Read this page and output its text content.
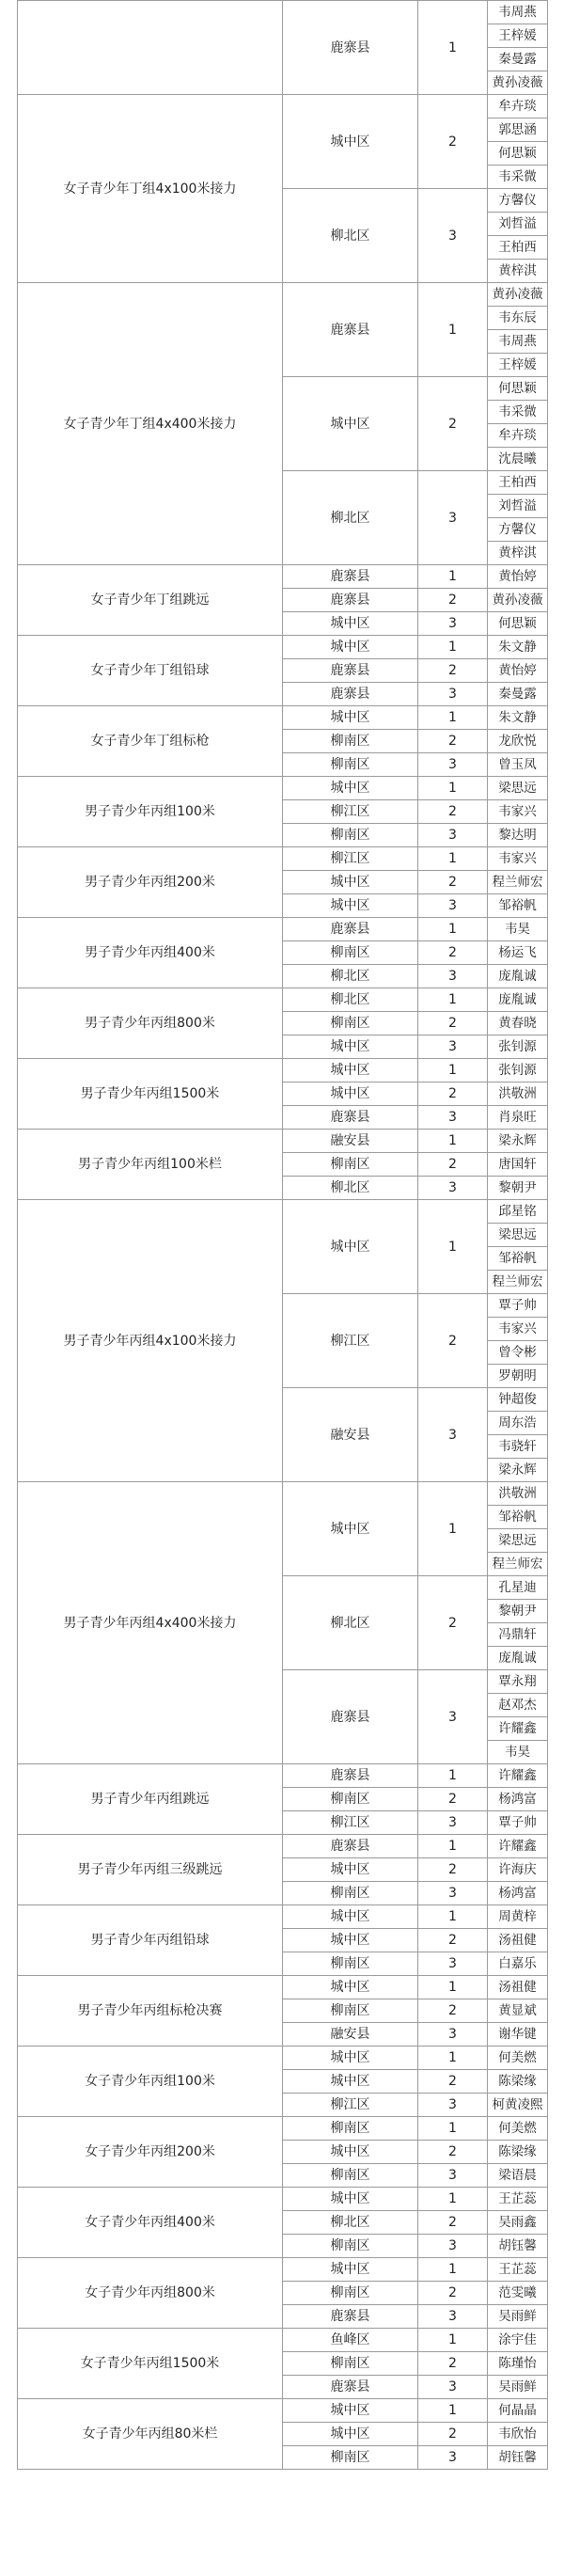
	鹿寨县	1	韦周燕
			王梓媛
			秦曼露
			黄孙凌薇
女子青少年丁组4x100米接力	城中区	2	牟卉琰
			郭思涵
			何思颖
			韦采微
	柳北区	3	方馨仪
			刘哲溢
			王柏西
			黄梓淇
女子青少年丁组4x400米接力	鹿寨县	1	黄孙凌薇
			韦东辰
			韦周燕
			王梓媛
	城中区	2	何思颖
			韦采微
			牟卉琰
			沈晨曦
	柳北区	3	王柏西
			刘哲溢
			方馨仪
			黄梓淇
女子青少年丁组跳远	鹿寨县	1	黄怡婷
	鹿寨县	2	黄孙凌薇
	城中区	3	何思颖
女子青少年丁组铅球	城中区	1	朱文静
	鹿寨县	2	黄怡婷
	鹿寨县	3	秦曼露
女子青少年丁组标枪	城中区	1	朱文静
	柳南区	2	龙欣悦
	柳南区	3	曾玉凤
男子青少年丙组100米	城中区	1	梁思远
	柳江区	2	韦家兴
	柳南区	3	黎达明
男子青少年丙组200米	柳江区	1	韦家兴
	城中区	2	程兰师宏
	城中区	3	邹裕帆
男子青少年丙组400米	鹿寨县	1	韦昊
	柳南区	2	杨运飞
	柳北区	3	庞胤诚
男子青少年丙组800米	柳北区	1	庞胤诚
	柳南区	2	黄春晓
	城中区	3	张钊源
男子青少年丙组1500米	城中区	1	张钊源
	城中区	2	洪敬洲
	鹿寨县	3	肖泉旺
男子青少年丙组100米栏	融安县	1	梁永辉
	柳南区	2	唐国轩
	柳北区	3	黎朝尹
男子青少年丙组4x100米接力	城中区	1	邱星铭
			梁思远
			邹裕帆
			程兰师宏
	柳江区	2	覃子帅
			韦家兴
			曾令彬
			罗朝明
	融安县	3	钟超俊
			周东浩
			韦骁轩
			梁永辉
男子青少年丙组4x400米接力	城中区	1	洪敬洲
			邹裕帆
			梁思远
			程兰师宏
	柳北区	2	孔星迪
			黎朝尹
			冯鼎轩
			庞胤诚
	鹿寨县	3	覃永翔
			赵邓杰
			许耀鑫
			韦昊
男子青少年丙组跳远	鹿寨县	1	许耀鑫
	柳南区	2	杨鸿富
	柳江区	3	覃子帅
男子青少年丙组三级跳远	鹿寨县	1	许耀鑫
	城中区	2	许海庆
	柳南区	3	杨鸿富
男子青少年丙组铅球	城中区	1	周黄梓
	城中区	2	汤祖健
	柳南区	3	白嘉乐
男子青少年丙组标枪决赛	城中区	1	汤祖健
	柳南区	2	黄显斌
	融安县	3	谢华键
女子青少年丙组100米	城中区	1	何美燃
	城中区	2	陈梁缘
	柳江区	3	柯黄凌熙
女子青少年丙组200米	柳南区	1	何美燃
	城中区	2	陈梁缘
	柳南区	3	梁语晨
女子青少年丙组400米	城中区	1	王芷蕊
	柳北区	2	吴雨鑫
	柳南区	3	胡钰馨
女子青少年丙组800米	城中区	1	王芷蕊
	柳南区	2	范雯曦
	鹿寨县	3	吴雨鲜
女子青少年丙组1500米	鱼峰区	1	涂宇佳
	柳南区	2	陈瑾怡
	鹿寨县	3	吴雨鲜
女子青少年丙组80米栏	城中区	1	何晶晶
	城中区	2	韦欣怡
	柳南区	3	胡钰馨
